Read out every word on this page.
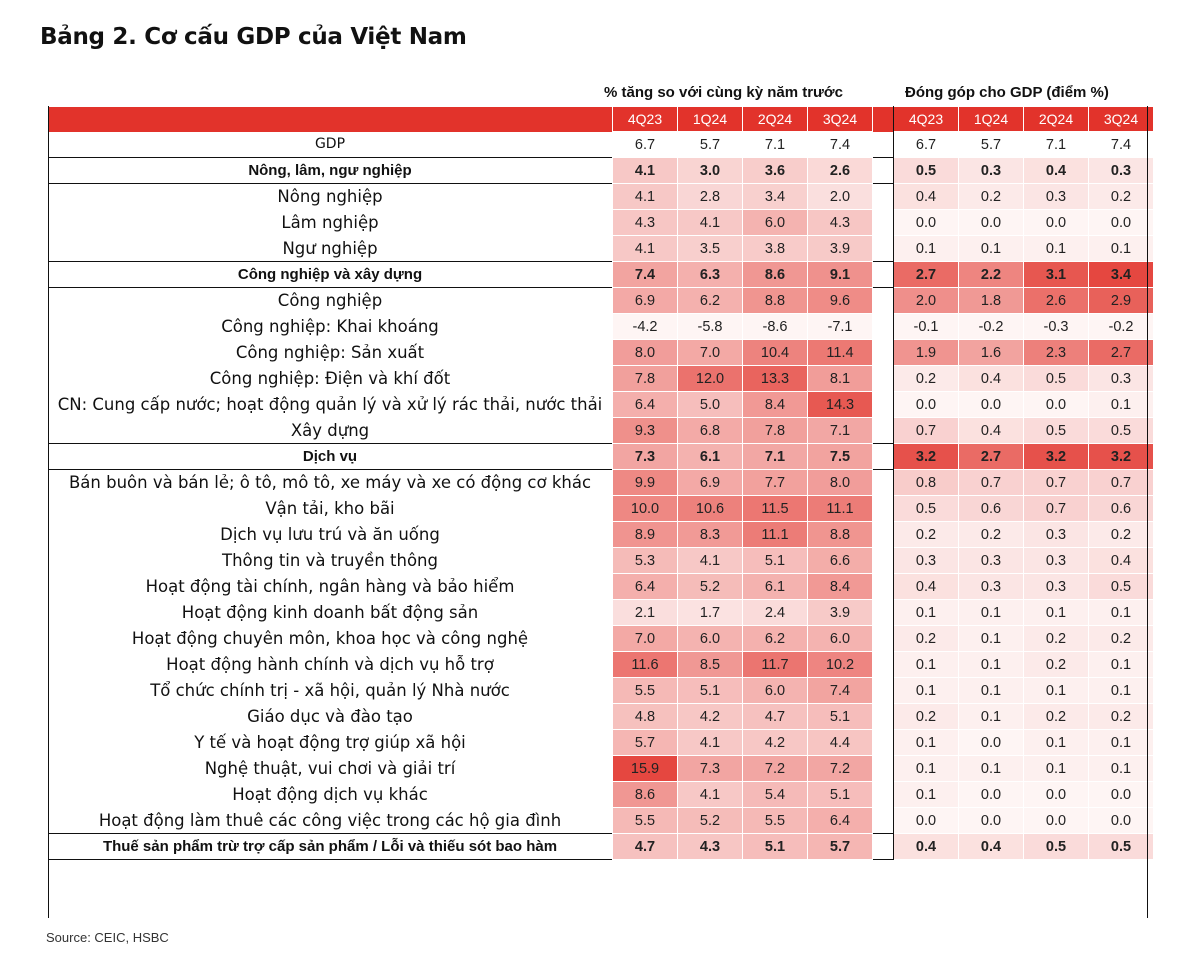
Bảng 2. Cơ cấu GDP của Việt Nam
% tăng so với cùng kỳ năm trước	Đóng góp cho GDP (điểm %)
	4Q23	1Q24	2Q24	3Q24		4Q23	1Q24	2Q24	3Q24
GDP	6.7	5.7	7.1	7.4		6.7	5.7	7.1	7.4
Nông, lâm, ngư nghiệp	4.1	3.0	3.6	2.6		0.5	0.3	0.4	0.3
Nông nghiệp	4.1	2.8	3.4	2.0		0.4	0.2	0.3	0.2
Lâm nghiệp	4.3	4.1	6.0	4.3		0.0	0.0	0.0	0.0
Ngư nghiệp	4.1	3.5	3.8	3.9		0.1	0.1	0.1	0.1
Công nghiệp và xây dựng	7.4	6.3	8.6	9.1		2.7	2.2	3.1	3.4
Công nghiệp	6.9	6.2	8.8	9.6		2.0	1.8	2.6	2.9
Công nghiệp: Khai khoáng	-4.2	-5.8	-8.6	-7.1		-0.1	-0.2	-0.3	-0.2
Công nghiệp: Sản xuất	8.0	7.0	10.4	11.4		1.9	1.6	2.3	2.7
Công nghiệp: Điện và khí đốt	7.8	12.0	13.3	8.1		0.2	0.4	0.5	0.3
CN: Cung cấp nước; hoạt động quản lý và xử lý rác thải, nước thải	6.4	5.0	8.4	14.3		0.0	0.0	0.0	0.1
Xây dựng	9.3	6.8	7.8	7.1		0.7	0.4	0.5	0.5
Dịch vụ	7.3	6.1	7.1	7.5		3.2	2.7	3.2	3.2
Bán buôn và bán lẻ; ô tô, mô tô, xe máy và xe có động cơ khác	9.9	6.9	7.7	8.0		0.8	0.7	0.7	0.7
Vận tải, kho bãi	10.0	10.6	11.5	11.1		0.5	0.6	0.7	0.6
Dịch vụ lưu trú và ăn uống	8.9	8.3	11.1	8.8		0.2	0.2	0.3	0.2
Thông tin và truyền thông	5.3	4.1	5.1	6.6		0.3	0.3	0.3	0.4
Hoạt động tài chính, ngân hàng và bảo hiểm	6.4	5.2	6.1	8.4		0.4	0.3	0.3	0.5
Hoạt động kinh doanh bất động sản	2.1	1.7	2.4	3.9		0.1	0.1	0.1	0.1
Hoạt động chuyên môn, khoa học và công nghệ	7.0	6.0	6.2	6.0		0.2	0.1	0.2	0.2
Hoạt động hành chính và dịch vụ hỗ trợ	11.6	8.5	11.7	10.2		0.1	0.1	0.2	0.1
Tổ chức chính trị - xã hội, quản lý Nhà nước	5.5	5.1	6.0	7.4		0.1	0.1	0.1	0.1
Giáo dục và đào tạo	4.8	4.2	4.7	5.1		0.2	0.1	0.2	0.2
Y tế và hoạt động trợ giúp xã hội	5.7	4.1	4.2	4.4		0.1	0.0	0.1	0.1
Nghệ thuật, vui chơi và giải trí	15.9	7.3	7.2	7.2		0.1	0.1	0.1	0.1
Hoạt động dịch vụ khác	8.6	4.1	5.4	5.1		0.1	0.0	0.0	0.0
Hoạt động làm thuê các công việc trong các hộ gia đình	5.5	5.2	5.5	6.4		0.0	0.0	0.0	0.0
Thuế sản phẩm trừ trợ cấp sản phẩm / Lỗi và thiếu sót bao hàm	4.7	4.3	5.1	5.7		0.4	0.4	0.5	0.5
Source: CEIC, HSBC
